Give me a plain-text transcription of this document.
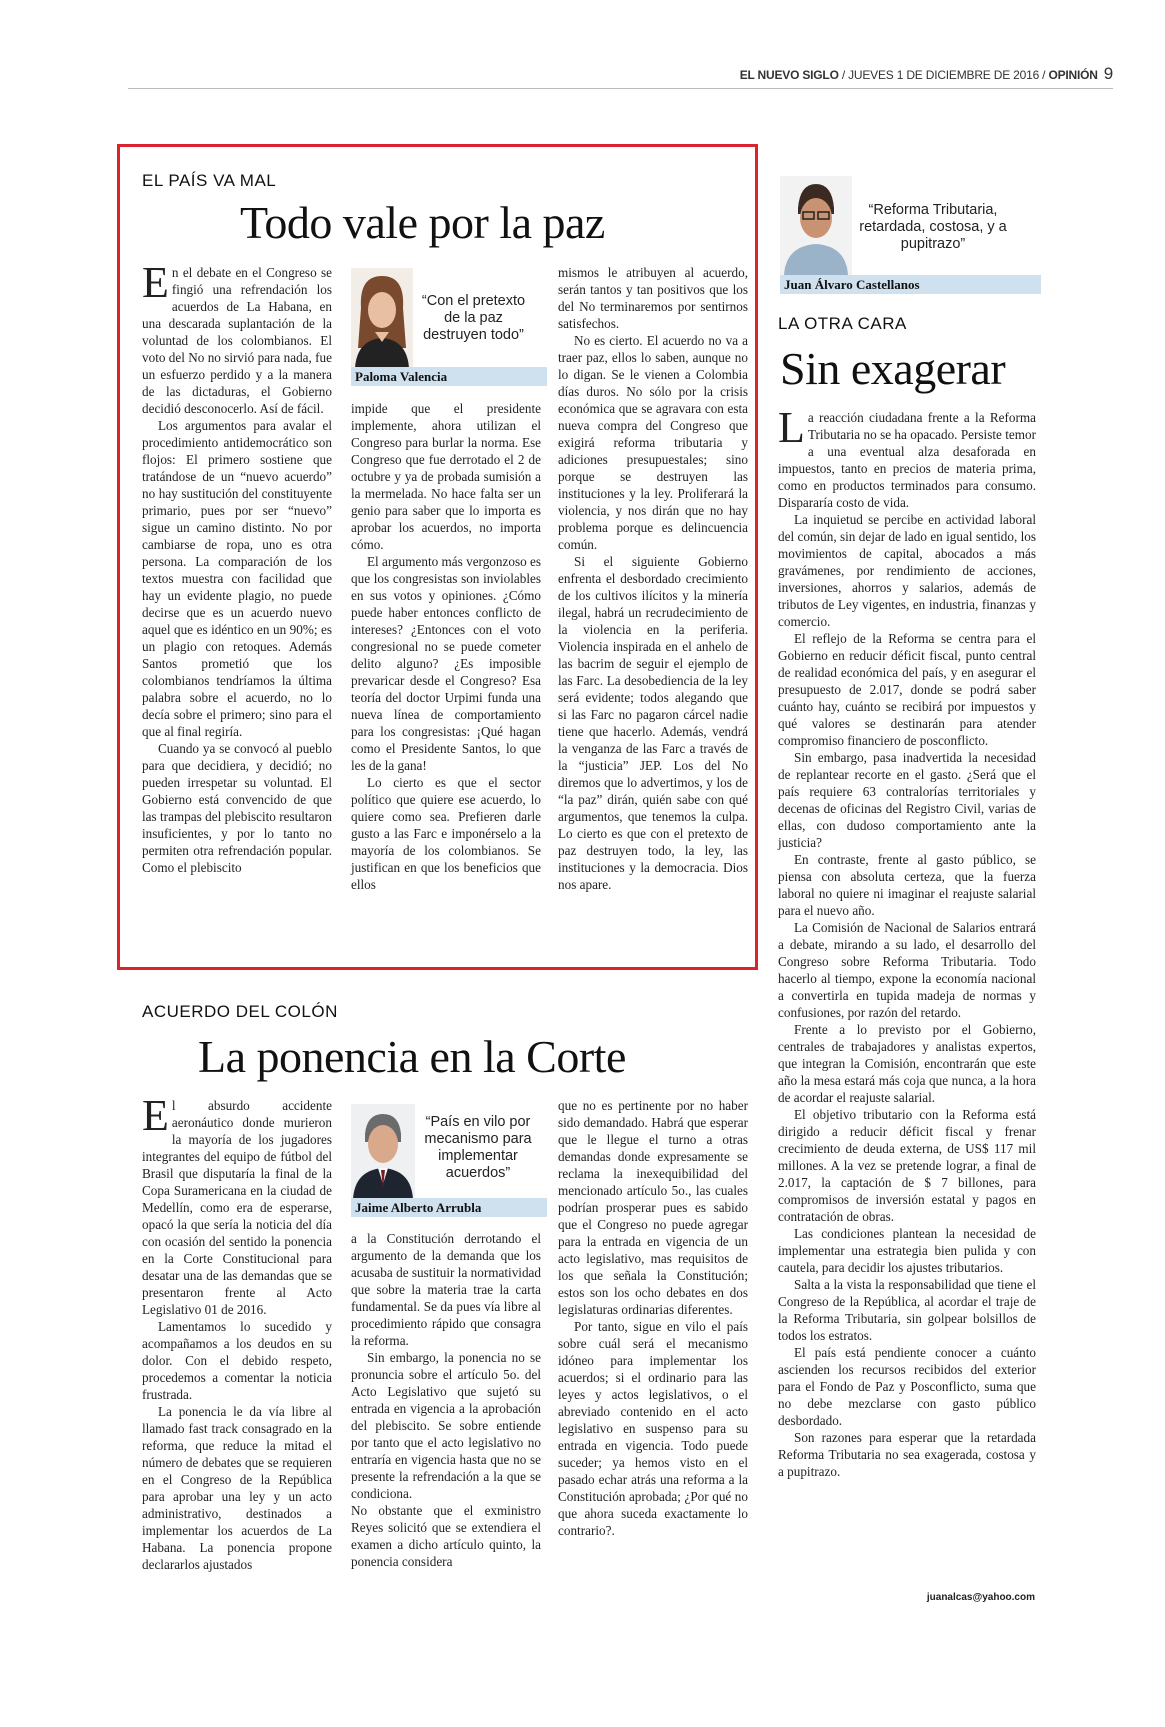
EL NUEVO SIGLO / JUEVES 1 DE DICIEMBRE DE 2016 / OPINIÓN 9
EL PAÍS VA MAL
Todo vale por la paz

En el debate en el Congreso se fingió una refrendación los acuerdos de La Habana, en una descarada suplantación de la voluntad de los colombianos. El voto del No no sirvió para nada, fue un esfuerzo perdido y a la manera de las dictaduras, el Gobierno decidió desconocerlo. Así de fácil.

Los argumentos para avalar el procedimiento antidemocrático son flojos: El primero sostiene que tratándose de un “nuevo acuerdo” no hay sustitución del constituyente primario, pues por ser “nuevo” sigue un camino distinto. No por cambiarse de ropa, uno es otra persona. La comparación de los textos muestra con facilidad que hay un evidente plagio, no puede decirse que es un acuerdo nuevo aquel que es idéntico en un 90%; es un plagio con retoques. Además Santos prometió que los colombianos tendríamos la última palabra sobre el acuerdo, no lo decía sobre el primero; sino para el que al final regiría.

Cuando ya se convocó al pueblo para que decidiera, y decidió; no pueden irrespetar su voluntad. El Gobierno está convencido de que las trampas del plebiscito resultaron insuficientes, y por lo tanto no permiten otra refrendación popular. Como el plebiscito

“Con el pretexto de la paz destruyen todo”
Paloma Valencia

impide que el presidente implemente, ahora utilizan el Congreso para burlar la norma. Ese Congreso que fue derrotado el 2 de octubre y ya de probada sumisión a la mermelada. No hace falta ser un genio para saber que lo importa es aprobar los acuerdos, no importa cómo.

El argumento más vergonzoso es que los congresistas son inviolables en sus votos y opiniones. ¿Cómo puede haber entonces conflicto de intereses? ¿Entonces con el voto congresional no se puede cometer delito alguno? ¿Es imposible prevaricar desde el Congreso? Esa teoría del doctor Urpimi funda una nueva línea de comportamiento para los congresistas: ¡Qué hagan como el Presidente Santos, lo que les de la gana!

Lo cierto es que el sector político que quiere ese acuerdo, lo quiere como sea. Prefieren darle gusto a las Farc e imponérselo a la mayoría de los colombianos. Se justifican en que los beneficios que ellos

mismos le atribuyen al acuerdo, serán tantos y tan positivos que los del No terminaremos por sentirnos satisfechos.

No es cierto. El acuerdo no va a traer paz, ellos lo saben, aunque no lo digan. Se le vienen a Colombia días duros. No sólo por la crisis económica que se agravara con esta nueva compra del Congreso que exigirá reforma tributaria y adiciones presupuestales; sino porque se destruyen las instituciones y la ley. Proliferará la violencia, y nos dirán que no hay problema porque es delincuencia común.

Si el siguiente Gobierno enfrenta el desbordado crecimiento de los cultivos ilícitos y la minería ilegal, habrá un recrudecimiento de la violencia en la periferia. Violencia inspirada en el anhelo de las bacrim de seguir el ejemplo de las Farc. La desobediencia de la ley será evidente; todos alegando que si las Farc no pagaron cárcel nadie tiene que hacerlo. Además, vendrá la venganza de las Farc a través de la “justicia” JEP. Los del No diremos que lo advertimos, y los de “la paz” dirán, quién sabe con qué argumentos, que tenemos la culpa. Lo cierto es que con el pretexto de paz destruyen todo, la ley, las instituciones y la democracia. Dios nos apare.

ACUERDO DEL COLÓN
La ponencia en la Corte

El absurdo accidente aeronáutico donde murieron la mayoría de los jugadores integrantes del equipo de fútbol del Brasil que disputaría la final de la Copa Suramericana en la ciudad de Medellín, como era de esperarse, opacó la que sería la noticia del día con ocasión del sentido la ponencia en la Corte Constitucional para desatar una de las demandas que se presentaron frente al Acto Legislativo 01 de 2016.

Lamentamos lo sucedido y acompañamos a los deudos en su dolor. Con el debido respeto, procedemos a comentar la noticia frustrada.

La ponencia le da vía libre al llamado fast track consagrado en la reforma, que reduce la mitad el número de debates que se requieren en el Congreso de la República para aprobar una ley y un acto administrativo, destinados a implementar los acuerdos de La Habana. La ponencia propone declararlos ajustados

“País en vilo por mecanismo para implementar acuerdos”
Jaime Alberto Arrubla

a la Constitución derrotando el argumento de la demanda que los acusaba de sustituir la normatividad que sobre la materia trae la carta fundamental. Se da pues vía libre al procedimiento rápido que consagra la reforma.

Sin embargo, la ponencia no se pronuncia sobre el artículo 5o. del Acto Legislativo que sujetó su entrada en vigencia a la aprobación del plebiscito. Se sobre entiende por tanto que el acto legislativo no entraría en vigencia hasta que no se presente la refrendación a la que se condiciona.

No obstante que el exministro Reyes solicitó que se extendiera el examen a dicho artículo quinto, la ponencia considera

que no es pertinente por no haber sido demandado. Habrá que esperar que le llegue el turno a otras demandas donde expresamente se reclama la inexequibilidad del mencionado artículo 5o., las cuales podrían prosperar pues es sabido que el Congreso no puede agregar para la entrada en vigencia de un acto legislativo, mas requisitos de los que señala la Constitución; estos son los ocho debates en dos legislaturas ordinarias diferentes.

Por tanto, sigue en vilo el país sobre cuál será el mecanismo idóneo para implementar los acuerdos; si el ordinario para las leyes y actos legislativos, o el abreviado contenido en el acto legislativo en suspenso para su entrada en vigencia. Todo puede suceder; ya hemos visto en el pasado echar atrás una reforma a la Constitución aprobada; ¿Por qué no que ahora suceda exactamente lo contrario?.

“Reforma Tributaria, retardada, costosa, y a pupitrazo”
Juan Álvaro Castellanos
LA OTRA CARA
Sin exagerar

La reacción ciudadana frente a la Reforma Tributaria no se ha opacado. Persiste temor a una eventual alza desaforada en impuestos, tanto en precios de materia prima, como en productos terminados para consumo. Dispararía costo de vida.

La inquietud se percibe en actividad laboral del común, sin dejar de lado en igual sentido, los movimientos de capital, abocados a más gravámenes, por rendimiento de acciones, inversiones, ahorros y salarios, además de tributos de Ley vigentes, en industria, finanzas y comercio.

El reflejo de la Reforma se centra para el Gobierno en reducir déficit fiscal, punto central de realidad económica del país, y en asegurar el presupuesto de 2.017, donde se podrá saber cuánto hay, cuánto se recibirá por impuestos y qué valores se destinarán para atender compromiso financiero de posconflicto.

Sin embargo, pasa inadvertida la necesidad de replantear recorte en el gasto. ¿Será que el país requiere 63 contralorías territoriales y decenas de oficinas del Registro Civil, varias de ellas, con dudoso comportamiento ante la justicia?

En contraste, frente al gasto público, se piensa con absoluta certeza, que la fuerza laboral no quiere ni imaginar el reajuste salarial para el nuevo año.

La Comisión de Nacional de Salarios entrará a debate, mirando a su lado, el desarrollo del Congreso sobre Reforma Tributaria. Todo hacerlo al tiempo, expone la economía nacional a convertirla en tupida madeja de normas y confusiones, por razón del retardo.

Frente a lo previsto por el Gobierno, centrales de trabajadores y analistas expertos, que integran la Comisión, encontrarán que este año la mesa estará más coja que nunca, a la hora de acordar el reajuste salarial.

El objetivo tributario con la Reforma está dirigido a reducir déficit fiscal y frenar crecimiento de deuda externa, de US$ 117 mil millones. A la vez se pretende lograr, a final de 2.017, la captación de $ 7 billones, para compromisos de inversión estatal y pagos en contratación de obras.

Las condiciones plantean la necesidad de implementar una estrategia bien pulida y con cautela, para decidir los ajustes tributarios.

Salta a la vista la responsabilidad que tiene el Congreso de la República, al acordar el traje de la Reforma Tributaria, sin golpear bolsillos de todos los estratos.

El país está pendiente conocer a cuánto ascienden los recursos recibidos del exterior para el Fondo de Paz y Posconflicto, suma que no debe mezclarse con gasto público desbordado.

Son razones para esperar que la retardada Reforma Tributaria no sea exagerada, costosa y a pupitrazo.

juanalcas@yahoo.com
